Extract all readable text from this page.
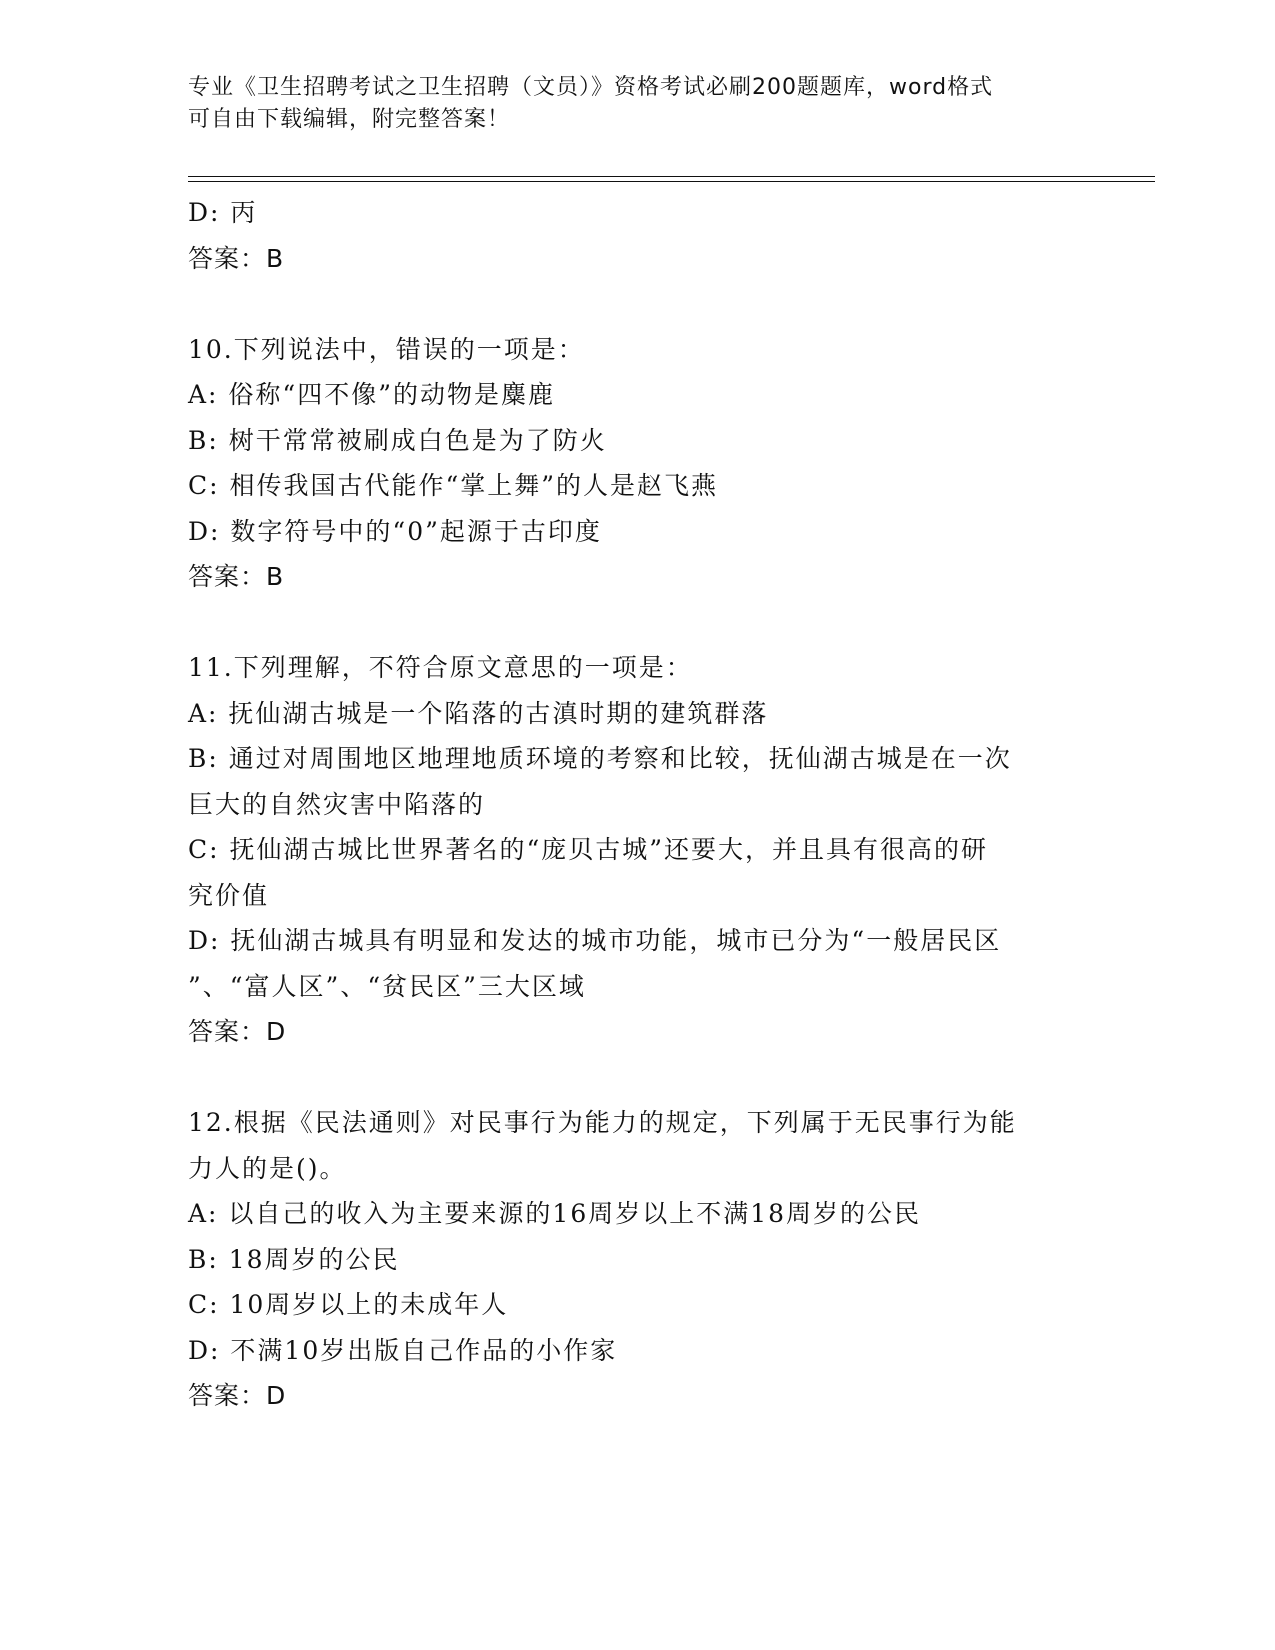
专业《卫生招聘考试之卫生招聘（文员）》资格考试必刷200题题库，word格式
可自由下载编辑，附完整答案！
D: 丙
答案：B
10.下列说法中，错误的一项是：
A: 俗称“四不像”的动物是麋鹿
B: 树干常常被刷成白色是为了防火
C: 相传我国古代能作“掌上舞”的人是赵飞燕
D: 数字符号中的“0”起源于古印度
答案：B
11.下列理解，不符合原文意思的一项是：
A: 抚仙湖古城是一个陷落的古滇时期的建筑群落
B: 通过对周围地区地理地质环境的考察和比较，抚仙湖古城是在一次
巨大的自然灾害中陷落的
C: 抚仙湖古城比世界著名的“庞贝古城”还要大，并且具有很高的研
究价值
D: 抚仙湖古城具有明显和发达的城市功能，城市已分为“一般居民区
”、“富人区”、“贫民区”三大区域
答案：D
12.根据《民法通则》对民事行为能力的规定，下列属于无民事行为能
力人的是()。
A: 以自己的收入为主要来源的16周岁以上不满18周岁的公民
B: 18周岁的公民
C: 10周岁以上的未成年人
D: 不满10岁出版自己作品的小作家
答案：D
